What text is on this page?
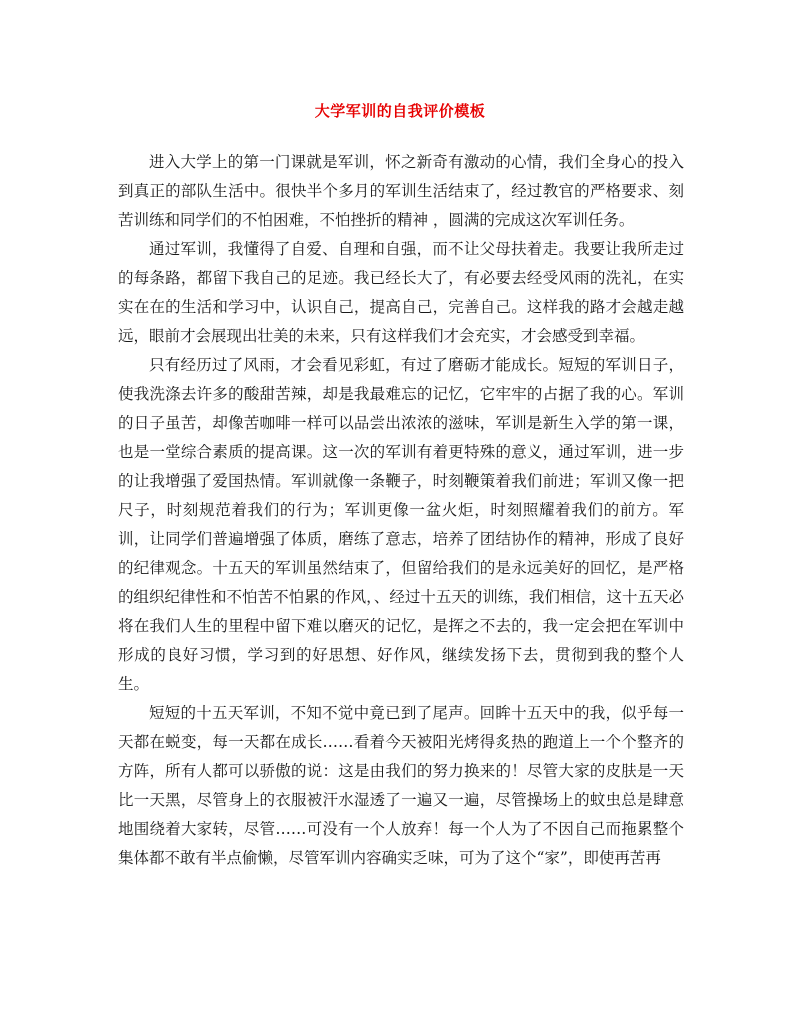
大学军训的自我评价模板

进入大学上的第一门课就是军训，怀之新奇有激动的心情，我们全身心的投入到真正的部队生活中。很快半个多月的军训生活结束了，经过教官的严格要求、刻苦训练和同学们的不怕困难，不怕挫折的精神 ，圆满的完成这次军训任务。

通过军训，我懂得了自爱、自理和自强，而不让父母扶着走。我要让我所走过的每条路，都留下我自己的足迹。我已经长大了，有必要去经受风雨的洗礼，在实实在在的生活和学习中，认识自己，提高自己，完善自己。这样我的路才会越走越远，眼前才会展现出壮美的未来，只有这样我们才会充实，才会感受到幸福。

只有经历过了风雨，才会看见彩虹，有过了磨砺才能成长。短短的军训日子，使我洗涤去许多的酸甜苦辣，却是我最难忘的记忆，它牢牢的占据了我的心。军训的日子虽苦，却像苦咖啡一样可以品尝出浓浓的滋味，军训是新生入学的第一课，也是一堂综合素质的提高课。这一次的军训有着更特殊的意义，通过军训，进一步的让我增强了爱国热情。军训就像一条鞭子，时刻鞭策着我们前进；军训又像一把尺子，时刻规范着我们的行为；军训更像一盆火炬，时刻照耀着我们的前方。军训，让同学们普遍增强了体质，磨练了意志，培养了团结协作的精神，形成了良好的纪律观念。十五天的军训虽然结束了，但留给我们的是永远美好的回忆，是严格的组织纪律性和不怕苦不怕累的作风，、经过十五天的训练，我们相信，这十五天必将在我们人生的里程中留下难以磨灭的记忆，是挥之不去的，我一定会把在军训中形成的良好习惯，学习到的好思想、好作风，继续发扬下去，贯彻到我的整个人生。

短短的十五天军训，不知不觉中竟已到了尾声。回眸十五天中的我，似乎每一天都在蜕变，每一天都在成长……看着今天被阳光烤得炙热的跑道上一个个整齐的方阵，所有人都可以骄傲的说：这是由我们的努力换来的！尽管大家的皮肤是一天比一天黑，尽管身上的衣服被汗水湿透了一遍又一遍，尽管操场上的蚊虫总是肆意地围绕着大家转，尽管……可没有一个人放弃！每一个人为了不因自己而拖累整个集体都不敢有半点偷懒，尽管军训内容确实乏味，可为了这个“家”，即使再苦再
